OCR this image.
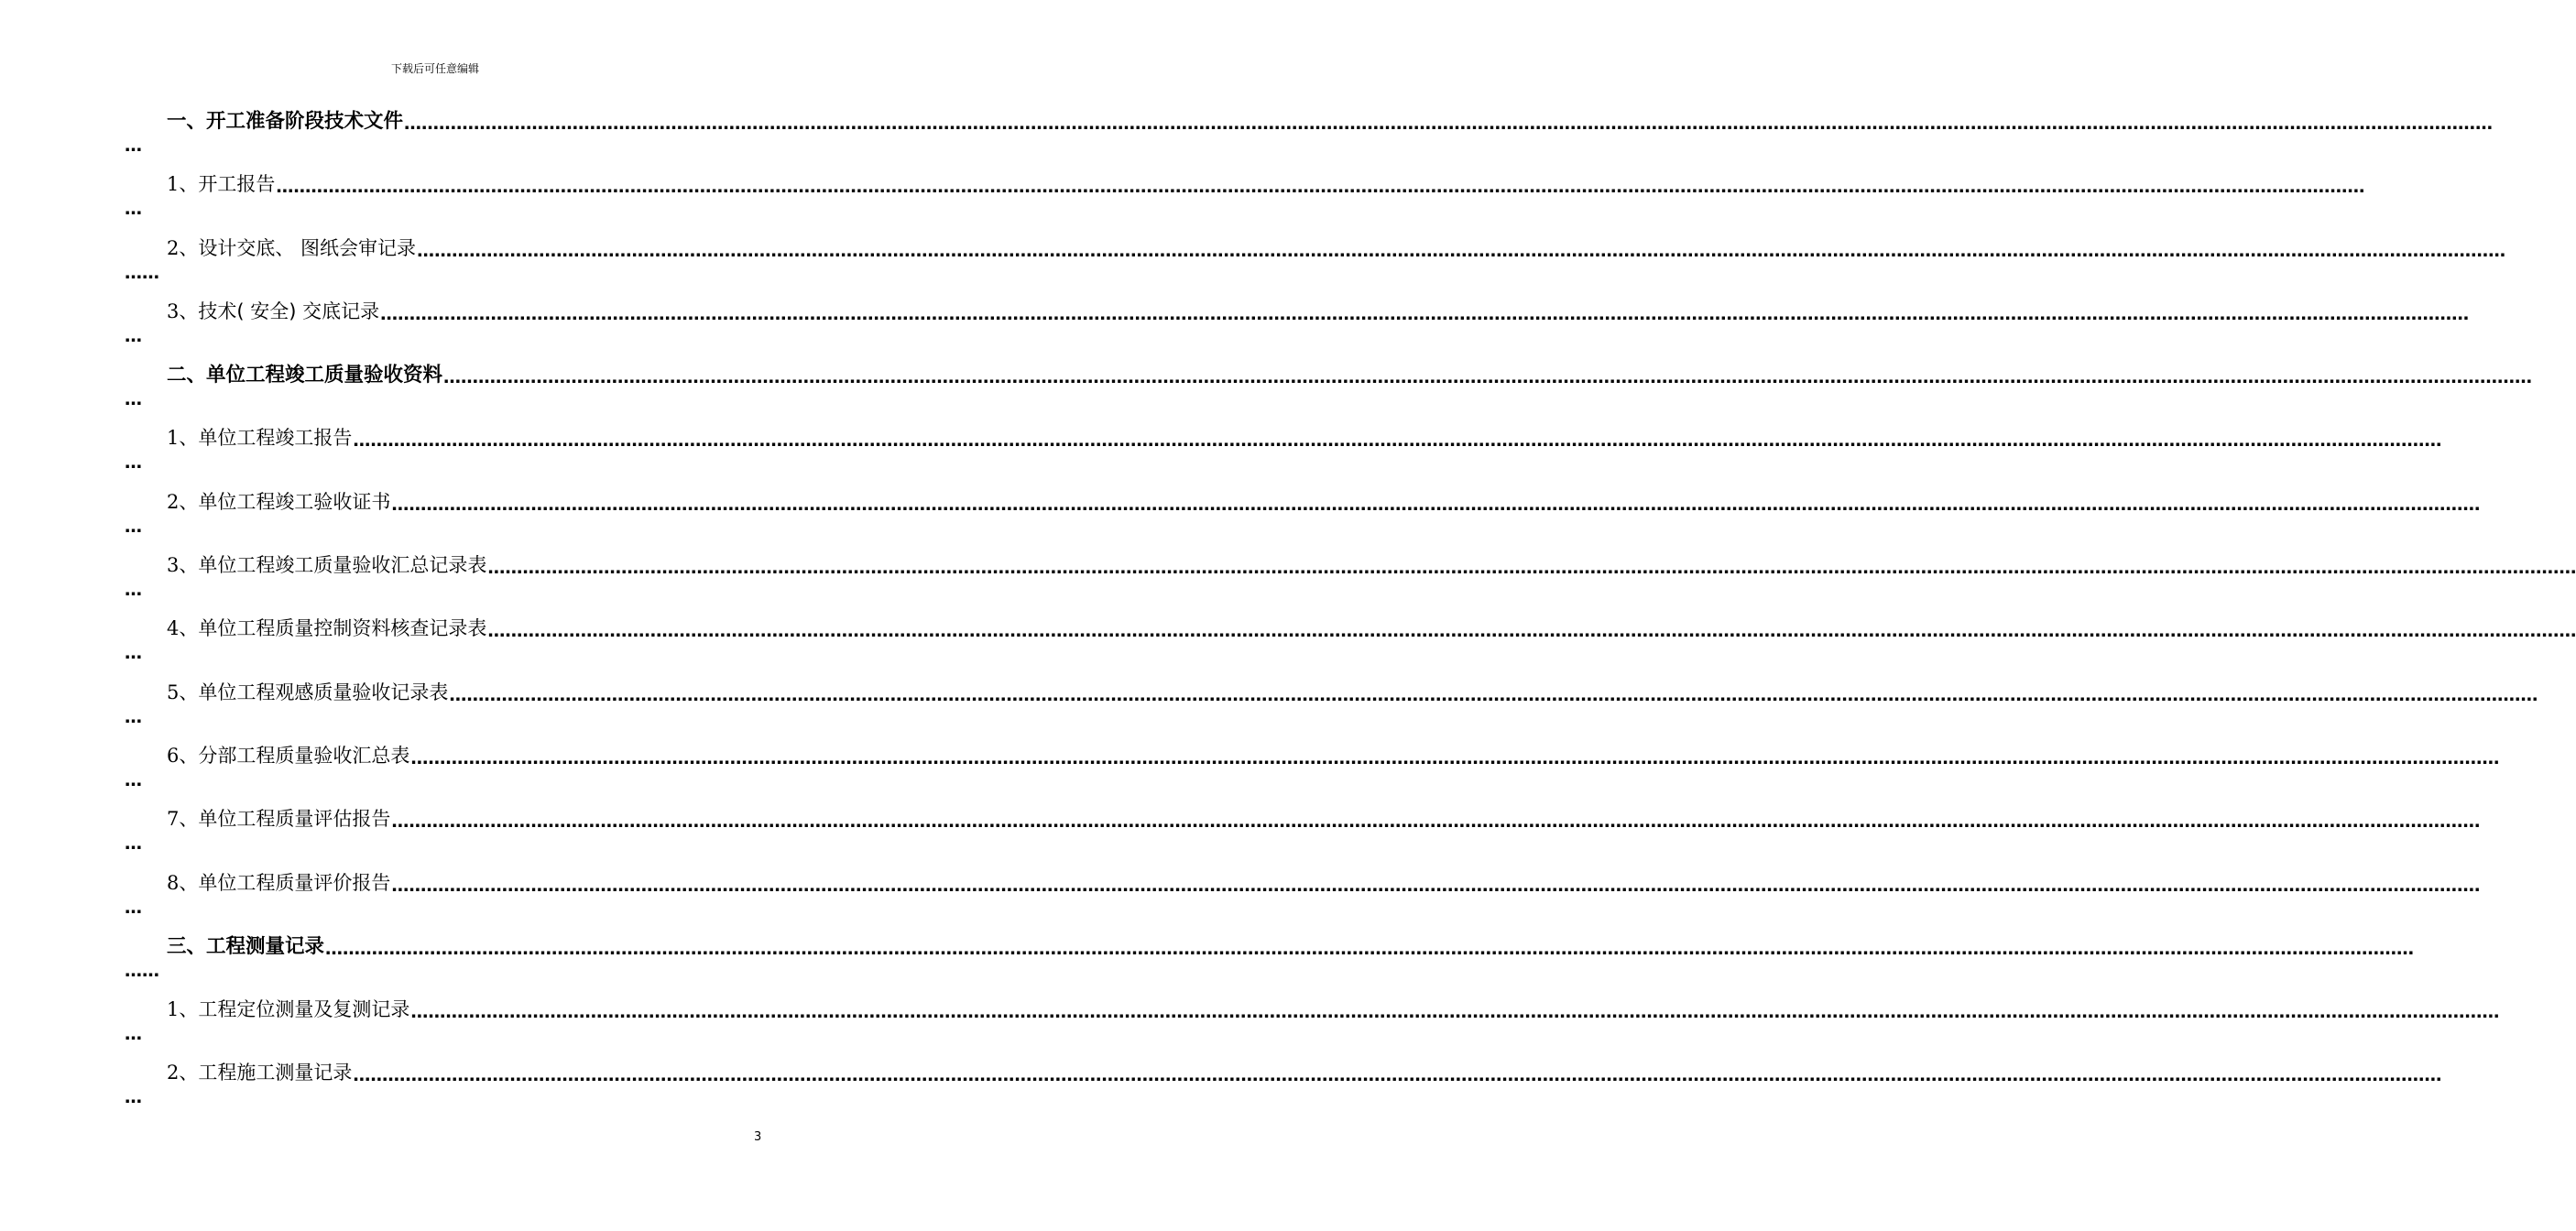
下载后可任意编辑
一、 开工准备阶段技术文件 ………………………………………………………………………………………………………………………………………………………………………………………………………………………………………………………………………………………………………………………………
…
1、 开工报告 ………………………………………………………………………………………………………………………………………………………………………………………………………………………………………………………………………………………………………………………………
…
2、 设计交底、 图纸会审记录 ………………………………………………………………………………………………………………………………………………………………………………………………………………………………………………………………………………………………………………………………
……
3、 技术( 安全) 交底记录 ………………………………………………………………………………………………………………………………………………………………………………………………………………………………………………………………………………………………………………………………
…
二、 单位工程竣工质量验收资料 ………………………………………………………………………………………………………………………………………………………………………………………………………………………………………………………………………………………………………………………………
…
1、 单位工程竣工报告 ………………………………………………………………………………………………………………………………………………………………………………………………………………………………………………………………………………………………………………………………
…
2、 单位工程竣工验收证书 ………………………………………………………………………………………………………………………………………………………………………………………………………………………………………………………………………………………………………………………………
…
3、 单位工程竣工质量验收汇总记录表 ………………………………………………………………………………………………………………………………………………………………………………………………………………………………………………………………………………………………………………………………
…
4、 单位工程质量控制资料核查记录表 ………………………………………………………………………………………………………………………………………………………………………………………………………………………………………………………………………………………………………………………………
…
5、 单位工程观感质量验收记录表 ………………………………………………………………………………………………………………………………………………………………………………………………………………………………………………………………………………………………………………………………
…
6、 分部工程质量验收汇总表 ………………………………………………………………………………………………………………………………………………………………………………………………………………………………………………………………………………………………………………………………
…
7、 单位工程质量评估报告 ………………………………………………………………………………………………………………………………………………………………………………………………………………………………………………………………………………………………………………………………
…
8、 单位工程质量评价报告 ………………………………………………………………………………………………………………………………………………………………………………………………………………………………………………………………………………………………………………………………
…
三、 工程测量记录 ………………………………………………………………………………………………………………………………………………………………………………………………………………………………………………………………………………………………………………………………
……
1、 工程定位测量及复测记录 ………………………………………………………………………………………………………………………………………………………………………………………………………………………………………………………………………………………………………………………………
…
2、 工程施工测量记录 ………………………………………………………………………………………………………………………………………………………………………………………………………………………………………………………………………………………………………………………………
…
3
